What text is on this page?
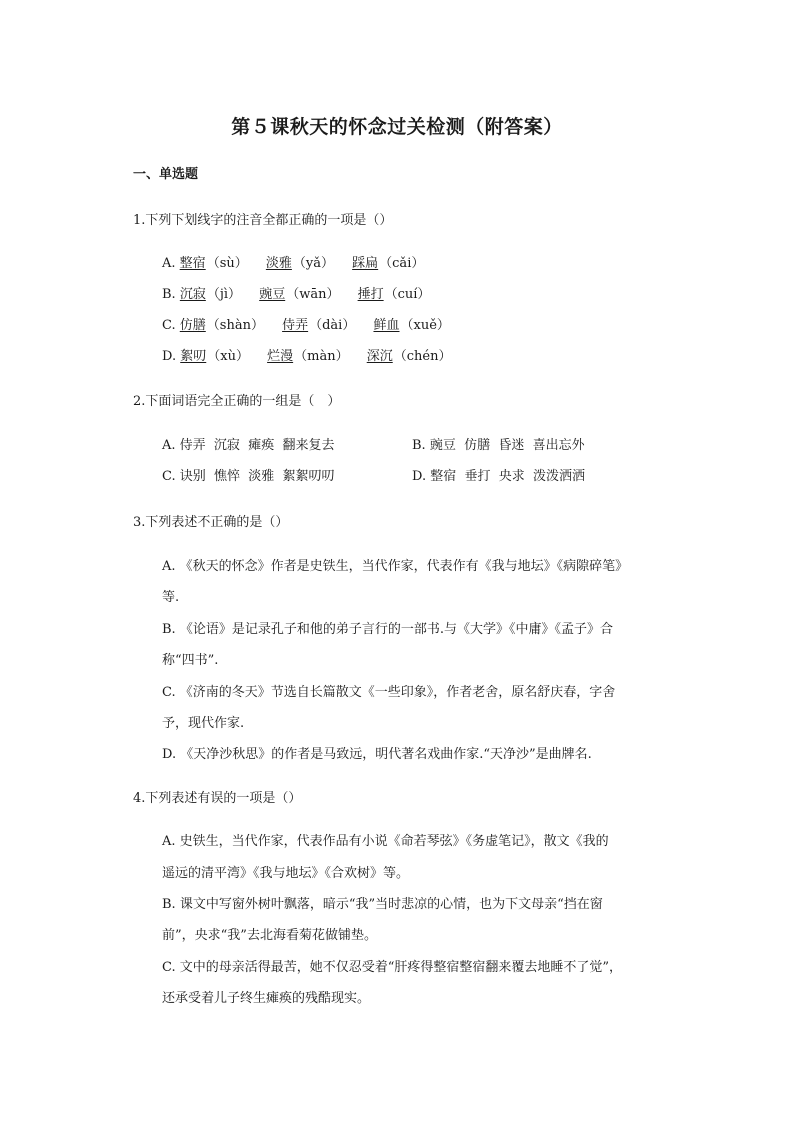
第５课秋天的怀念过关检测（附答案）
一、单选题
1.下列下划线字的注音全都正确的一项是（）
A. 整宿（sù） 淡雅（yǎ） 踩扁（cǎi）
B. 沉寂（jì） 豌豆（wān） 捶打（cuí）
C. 仿膳（shàn） 侍弄（dài） 鲜血（xuě）
D. 絮叨（xù） 烂漫（màn） 深沉（chén）
2.下面词语完全正确的一组是（　）
A. 侍弄  沉寂  瘫痪  翻来复去	B. 豌豆  仿膳  昏迷  喜出忘外
C. 诀别  憔悴  淡雅  絮絮叨叨	D. 整宿  垂打  央求  泼泼洒洒
3.下列表述不正确的是（）
A. 《秋天的怀念》作者是史铁生，当代作家，代表作有《我与地坛》《病隙碎笔》
等.
B. 《论语》是记录孔子和他的弟子言行的一部书.与《大学》《中庸》《孟子》合
称“四书”.
C. 《济南的冬天》节选自长篇散文《一些印象》，作者老舍，原名舒庆春，字舍
予，现代作家.
D. 《天净沙秋思》的作者是马致远，明代著名戏曲作家.“天净沙”是曲牌名.
4.下列表述有误的一项是（）
A. 史铁生，当代作家，代表作品有小说《命若琴弦》《务虚笔记》，散文《我的
遥远的清平湾》《我与地坛》《合欢树》等。
B. 课文中写窗外树叶飘落，暗示“我”当时悲凉的心情，也为下文母亲“挡在窗
前”，央求“我”去北海看菊花做铺垫。
C. 文中的母亲活得最苦，她不仅忍受着“肝疼得整宿整宿翻来覆去地睡不了觉”，
还承受着儿子终生瘫痪的残酷现实。
